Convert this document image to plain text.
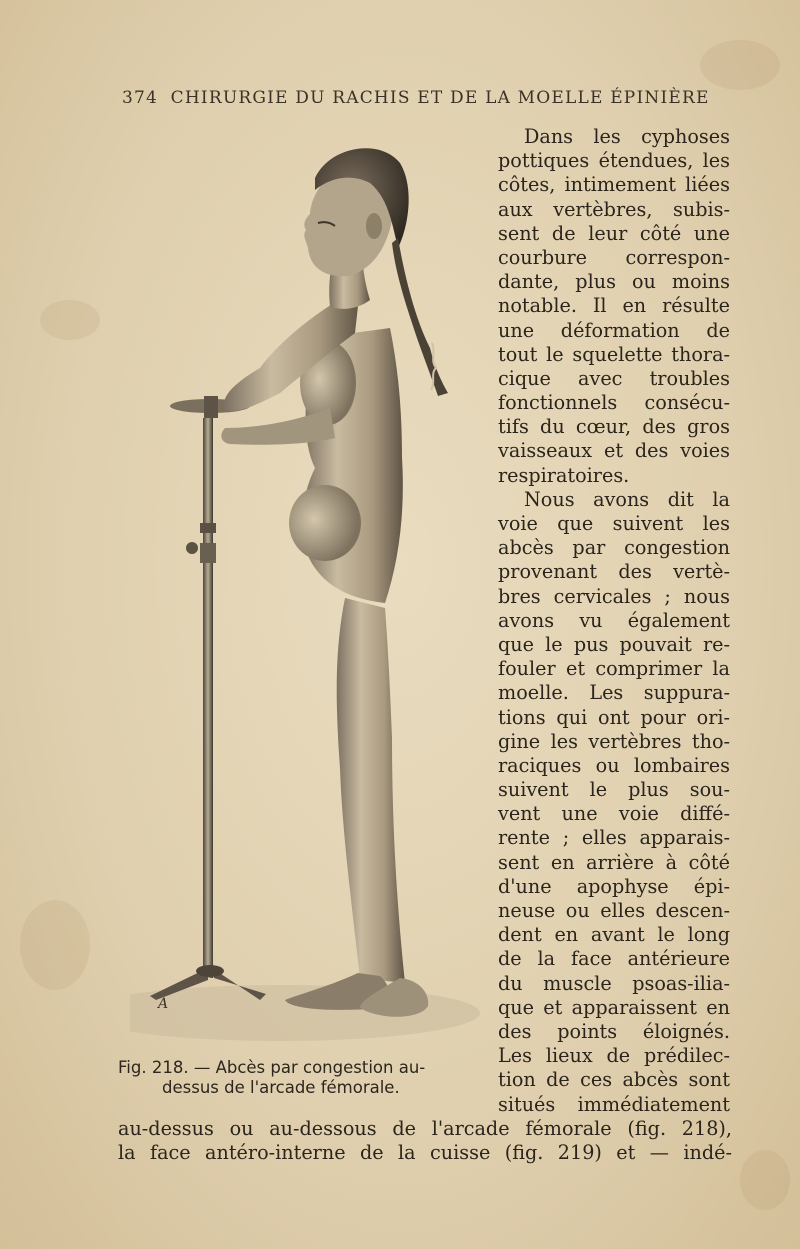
374 CHIRURGIE DU RACHIS ET DE LA MOELLE ÉPINIÈRE
A
Fig. 218. — Abcès par congestion au-
dessus de l'arcade fémorale.
Dans les cyphoses
pottiques étendues, les
côtes, intimement liées
aux vertèbres, subis-
sent de leur côté une
courbure correspon-
dante, plus ou moins
notable. Il en résulte
une déformation de
tout le squelette thora-
cique avec troubles
fonctionnels consécu-
tifs du cœur, des gros
vaisseaux et des voies
respiratoires.
Nous avons dit la
voie que suivent les
abcès par congestion
provenant des vertè-
bres cervicales ; nous
avons vu également
que le pus pouvait re-
fouler et comprimer la
moelle. Les suppura-
tions qui ont pour ori-
gine les vertèbres tho-
raciques ou lombaires
suivent le plus sou-
vent une voie diffé-
rente ; elles apparais-
sent en arrière à côté
d'une apophyse épi-
neuse ou elles descen-
dent en avant le long
de la face antérieure
du muscle psoas-ilia-
que et apparaissent en
des points éloignés.
Les lieux de prédilec-
tion de ces abcès sont
situés immédiatement
au-dessus ou au-dessous de l'arcade fémorale (fig. 218),
la face antéro-interne de la cuisse (fig. 219) et — indé-
